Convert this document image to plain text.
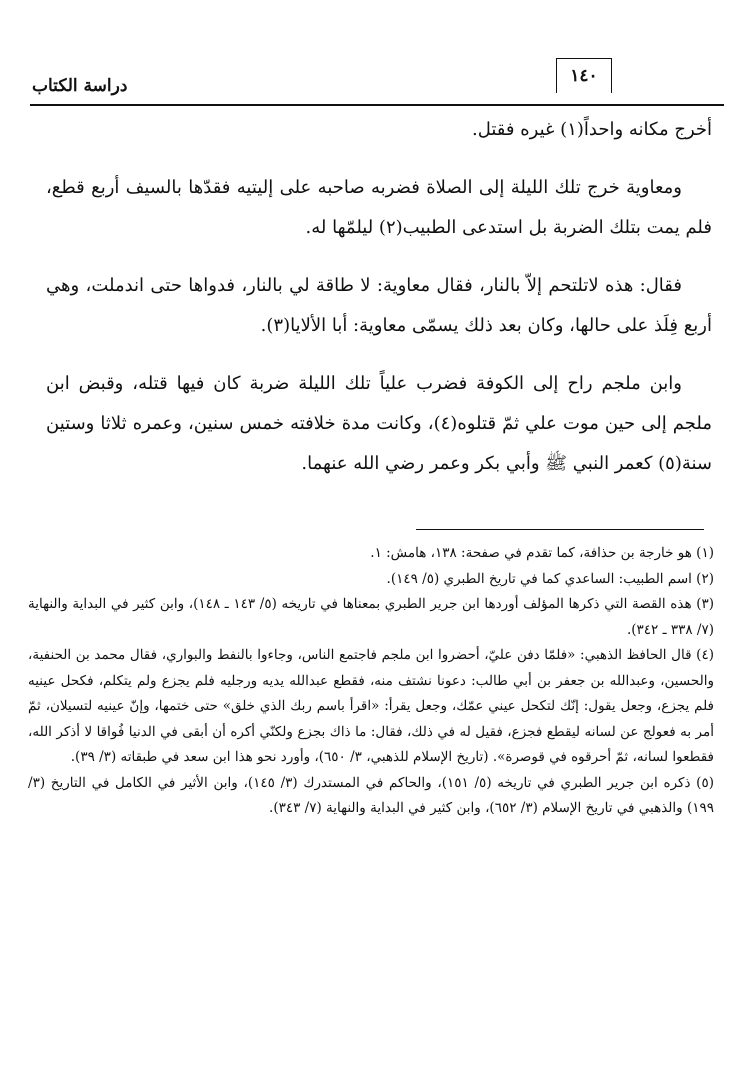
١٤٠
دراسة الكتاب

أخرج مكانه واحداً(١) غيره فقتل.

ومعاوية خرج تلك الليلة إلى الصلاة فضربه صاحبه على إليتيه فقدّها بالسيف أربع قطع، فلم يمت بتلك الضربة بل استدعى الطبيب(٢) ليلمّها له.

فقال: هذه لاتلتحم إلاّ بالنار، فقال معاوية: لا طاقة لي بالنار، فدواها حتى اندملت، وهي أربع فِلَذ على حالها، وكان بعد ذلك يسمّى معاوية: أبا الألايا(٣).

وابن ملجم راح إلى الكوفة فضرب علياً تلك الليلة ضربة كان فيها قتله، وقبض ابن ملجم إلى حين موت علي ثمّ قتلوه(٤)، وكانت مدة خلافته خمس سنين، وعمره ثلاثا وستين سنة(٥) كعمر النبي ﷺ وأبي بكر وعمر رضي الله عنهما.

(١) هو خارجة بن حذافة، كما تقدم في صفحة: ١٣٨، هامش: ١.

(٢) اسم الطبيب: الساعدي كما في تاريخ الطبري (٥/ ١٤٩).

(٣) هذه القصة التي ذكرها المؤلف أوردها ابن جرير الطبري بمعناها في تاريخه (٥/ ١٤٣ ـ ١٤٨)، وابن كثير في البداية والنهاية (٧/ ٣٣٨ ـ ٣٤٢).

(٤) قال الحافظ الذهبي: «فلمّا دفن عليّ، أحضروا ابن ملجم فاجتمع الناس، وجاءوا بالنفط والبواري، فقال محمد بن الحنفية، والحسين، وعبدالله بن جعفر بن أبي طالب: دعونا نشتف منه، فقطع عبدالله يديه ورجليه فلم يجزع ولم يتكلم، فكحل عينيه فلم يجزع، وجعل يقول: إنّك لتكحل عيني عمّك، وجعل يقرأ: «اقرأ باسم ربك الذي خلق» حتى ختمها، وإنّ عينيه لتسيلان، ثمّ أمر به فعولج عن لسانه ليقطع فجزع، فقيل له في ذلك، فقال: ما ذاك بجزع ولكنّي أكره أن أبقى في الدنيا فُواقا لا أذكر الله، فقطعوا لسانه، ثمّ أحرقوه في قوصرة». (تاريخ الإسلام للذهبي، ٣/ ٦٥٠)، وأورد نحو هذا ابن سعد في طبقاته (٣/ ٣٩).

(٥) ذكره ابن جرير الطبري في تاريخه (٥/ ١٥١)، والحاكم في المستدرك (٣/ ١٤٥)، وابن الأثير في الكامل في التاريخ (٣/ ١٩٩) والذهبي في تاريخ الإسلام (٣/ ٦٥٢)، وابن كثير في البداية والنهاية (٧/ ٣٤٣).
